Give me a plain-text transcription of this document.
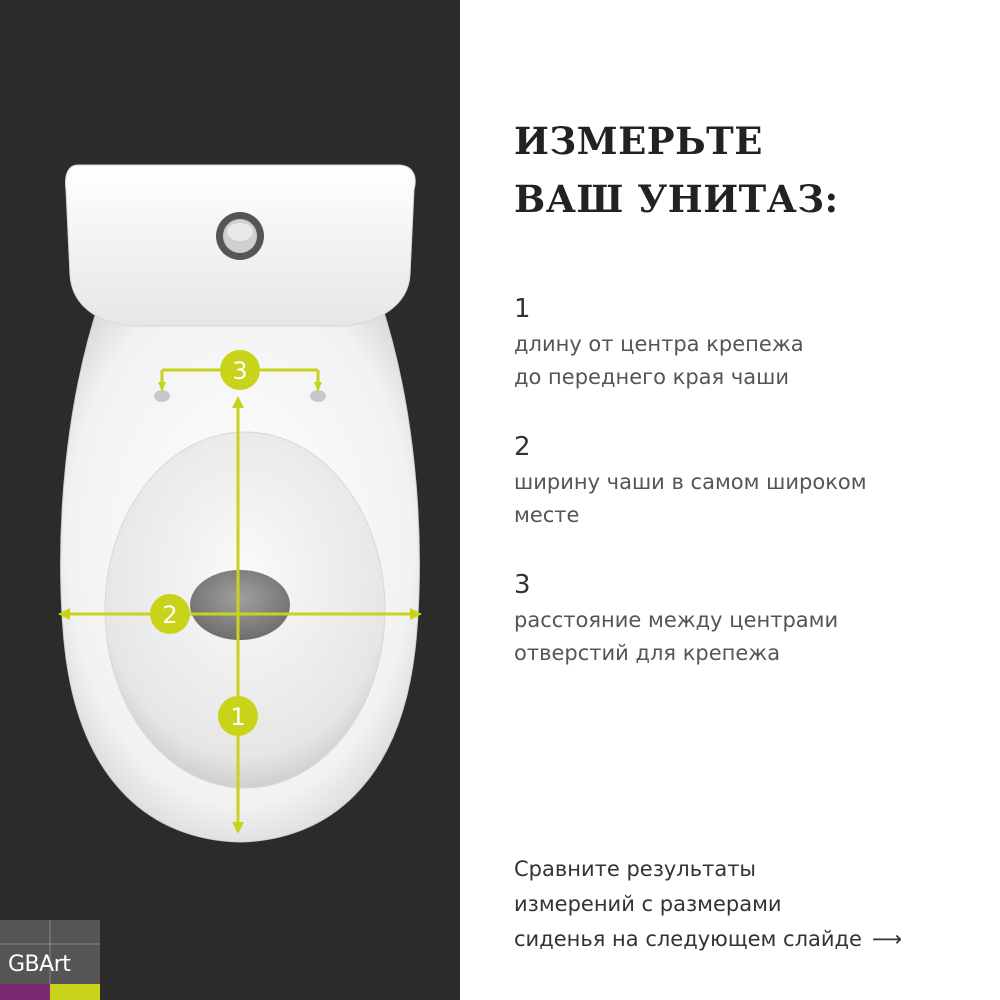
3
2
1
GBArt
ИЗМЕРЬТЕ
ВАШ УНИТАЗ:
1
длину от центра крепежа
до переднего края чаши
2
ширину чаши в самом широком
месте
3
расстояние между центрами
отверстий для крепежа
Сравните результаты
измерений с размерами
сиденья на следующем слайде ⟶
